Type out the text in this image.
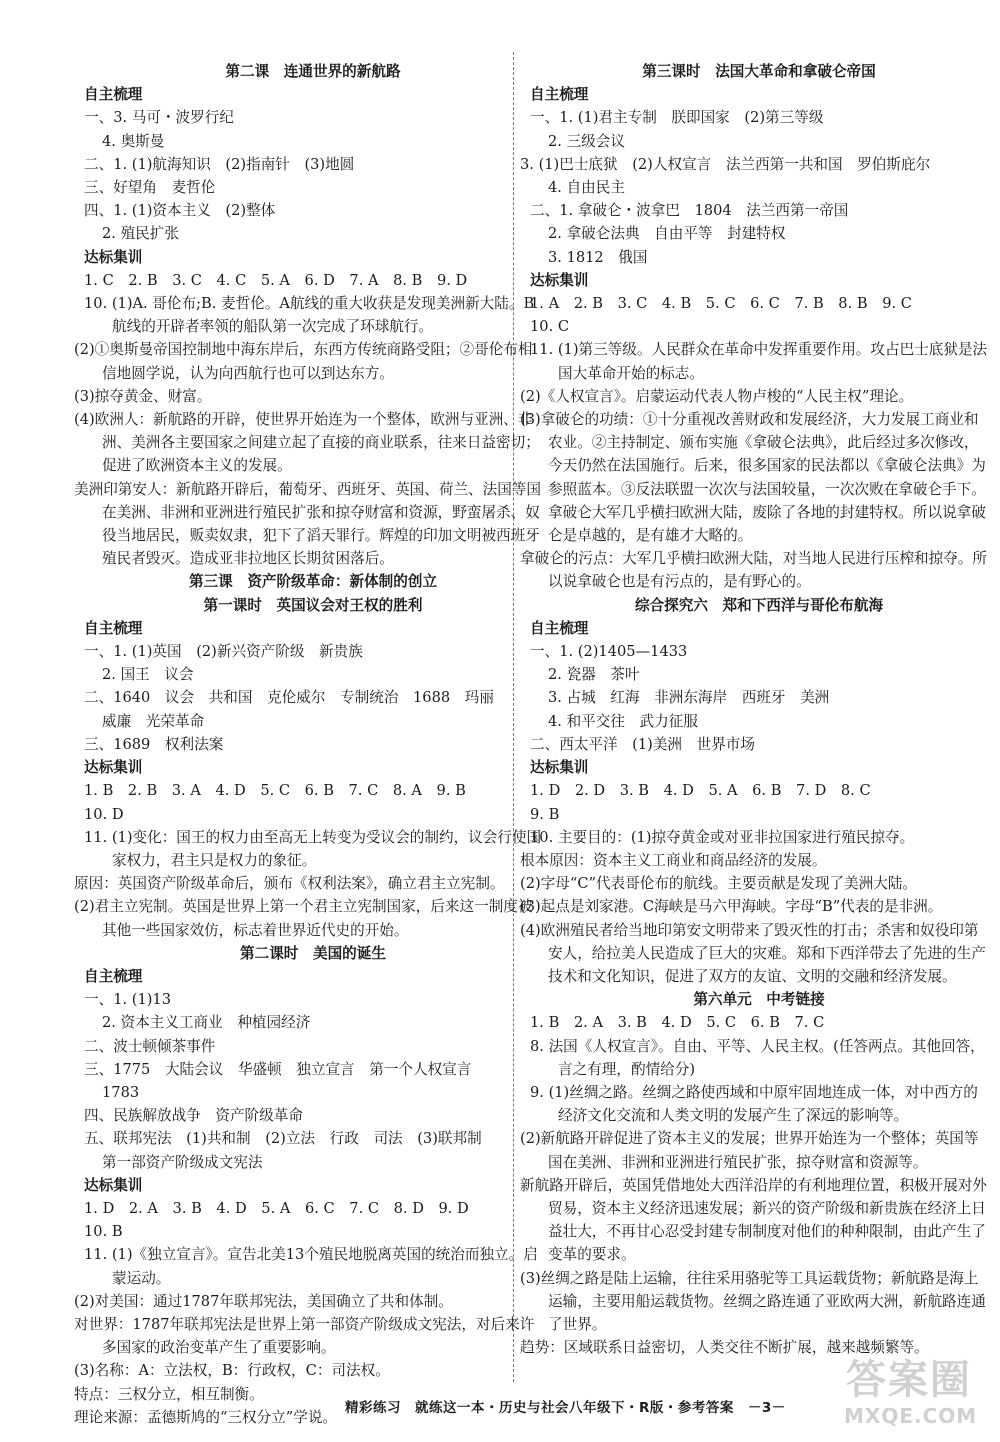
第二课　连通世界的新航路
自主梳理
一、3. 马可・波罗行纪
4. 奥斯曼
二、1. (1)航海知识　(2)指南针　(3)地圆
三、好望角　麦哲伦
四、1. (1)资本主义　(2)整体
2. 殖民扩张
达标集训
1. C　2. B　3. C　4. C　5. A　6. D　7. A　8. B　9. D
10. (1)A. 哥伦布;B. 麦哲伦。A航线的重大收获是发现美洲新大陆。B航线的开辟者率领的船队第一次完成了环球航行。
(2)①奥斯曼帝国控制地中海东岸后，东西方传统商路受阻；②哥伦布相信地圆学说，认为向西航行也可以到达东方。
(3)掠夺黄金、财富。
(4)欧洲人：新航路的开辟，使世界开始连为一个整体，欧洲与亚洲、非洲、美洲各主要国家之间建立起了直接的商业联系，往来日益密切；促进了欧洲资本主义的发展。
美洲印第安人：新航路开辟后，葡萄牙、西班牙、英国、荷兰、法国等国在美洲、非洲和亚洲进行殖民扩张和掠夺财富和资源，野蛮屠杀、奴役当地居民，贩卖奴隶，犯下了滔天罪行。辉煌的印加文明被西班牙殖民者毁灭。造成亚非拉地区长期贫困落后。
第三课　资产阶级革命：新体制的创立
第一课时　英国议会对王权的胜利
自主梳理
一、1. (1)英国　(2)新兴资产阶级　新贵族
2. 国王　议会
二、1640　议会　共和国　克伦威尔　专制统治　1688　玛丽
威廉　光荣革命
三、1689　权利法案
达标集训
1. B　2. B　3. A　4. D　5. C　6. B　7. C　8. A　9. B
10. D
11. (1)变化：国王的权力由至高无上转变为受议会的制约，议会行使国家权力，君主只是权力的象征。
原因：英国资产阶级革命后，颁布《权利法案》，确立君主立宪制。
(2)君主立宪制。英国是世界上第一个君主立宪制国家，后来这一制度被其他一些国家效仿，标志着世界近代史的开始。
第二课时　美国的诞生
自主梳理
一、1. (1)13
2. 资本主义工商业　种植园经济
二、波士顿倾茶事件
三、1775　大陆会议　华盛顿　独立宣言　第一个人权宣言
1783
四、民族解放战争　资产阶级革命
五、联邦宪法　(1)共和制　(2)立法　行政　司法　(3)联邦制
第一部资产阶级成文宪法
达标集训
1. D　2. A　3. B　4. D　5. A　6. C　7. C　8. D　9. D
10. B
11. (1)《独立宣言》。宣告北美13个殖民地脱离英国的统治而独立。启蒙运动。
(2)对美国：通过1787年联邦宪法，美国确立了共和体制。
对世界：1787年联邦宪法是世界上第一部资产阶级成文宪法，对后来许多国家的政治变革产生了重要影响。
(3)名称：A：立法权，B：行政权，C：司法权。
特点：三权分立，相互制衡。
理论来源：孟德斯鸠的“三权分立”学说。
第三课时　法国大革命和拿破仑帝国
自主梳理
一、1. (1)君主专制　朕即国家　(2)第三等级
2. 三级会议
3. (1)巴士底狱　(2)人权宣言　法兰西第一共和国　罗伯斯庇尔
4. 自由民主
二、1. 拿破仑・波拿巴　1804　法兰西第一帝国
2. 拿破仑法典　自由平等　封建特权
3. 1812　俄国
达标集训
1. A　2. B　3. C　4. B　5. C　6. C　7. B　8. B　9. C
10. C
11. (1)第三等级。人民群众在革命中发挥重要作用。攻占巴士底狱是法国大革命开始的标志。
(2)《人权宣言》。启蒙运动代表人物卢梭的“人民主权”理论。
(3)拿破仑的功绩：①十分重视改善财政和发展经济，大力发展工商业和农业。②主持制定、颁布实施《拿破仑法典》，此后经过多次修改，今天仍然在法国施行。后来，很多国家的民法都以《拿破仑法典》为参照蓝本。③反法联盟一次次与法国较量，一次次败在拿破仑手下。拿破仑大军几乎横扫欧洲大陆，废除了各地的封建特权。所以说拿破仑是卓越的，是有雄才大略的。
拿破仑的污点：大军几乎横扫欧洲大陆，对当地人民进行压榨和掠夺。所以说拿破仑也是有污点的，是有野心的。
综合探究六　郑和下西洋与哥伦布航海
自主梳理
一、1. (2)1405—1433
2. 瓷器　茶叶
3. 占城　红海　非洲东海岸　西班牙　美洲
4. 和平交往　武力征服
二、西太平洋　(1)美洲　世界市场
达标集训
1. D　2. D　3. B　4. D　5. A　6. B　7. D　8. C
9. B
10. 主要目的：(1)掠夺黄金或对亚非拉国家进行殖民掠夺。
根本原因：资本主义工商业和商品经济的发展。
(2)字母“C”代表哥伦布的航线。主要贡献是发现了美洲大陆。
(3)起点是刘家港。C海峡是马六甲海峡。字母“B”代表的是非洲。
(4)欧洲殖民者给当地印第安文明带来了毁灭性的打击；杀害和奴役印第安人，给拉美人民造成了巨大的灾难。郑和下西洋带去了先进的生产技术和文化知识，促进了双方的友谊、文明的交融和经济发展。
第六单元　中考链接
1. B　2. A　3. B　4. D　5. C　6. B　7. C
8. 法国《人权宣言》。自由、平等、人民主权。(任答两点。其他回答，言之有理，酌情给分)
9. (1)丝绸之路。丝绸之路使西域和中原牢固地连成一体，对中西方的经济文化交流和人类文明的发展产生了深远的影响等。
(2)新航路开辟促进了资本主义的发展；世界开始连为一个整体；英国等国在美洲、非洲和亚洲进行殖民扩张，掠夺财富和资源等。
新航路开辟后，英国凭借地处大西洋沿岸的有利地理位置，积极开展对外贸易，资本主义经济迅速发展；新兴的资产阶级和新贵族在经济上日益壮大，不再甘心忍受封建专制制度对他们的种种限制，由此产生了变革的要求。
(3)丝绸之路是陆上运输，往往采用骆驼等工具运载货物；新航路是海上运输，主要用船运载货物。丝绸之路连通了亚欧两大洲，新航路连通了世界。
趋势：区域联系日益密切，人类交往不断扩展，越来越频繁等。
精彩练习　就练这一本・历史与社会八年级下・R版・参考答案　－3－
答案圈
MXQE.COM
